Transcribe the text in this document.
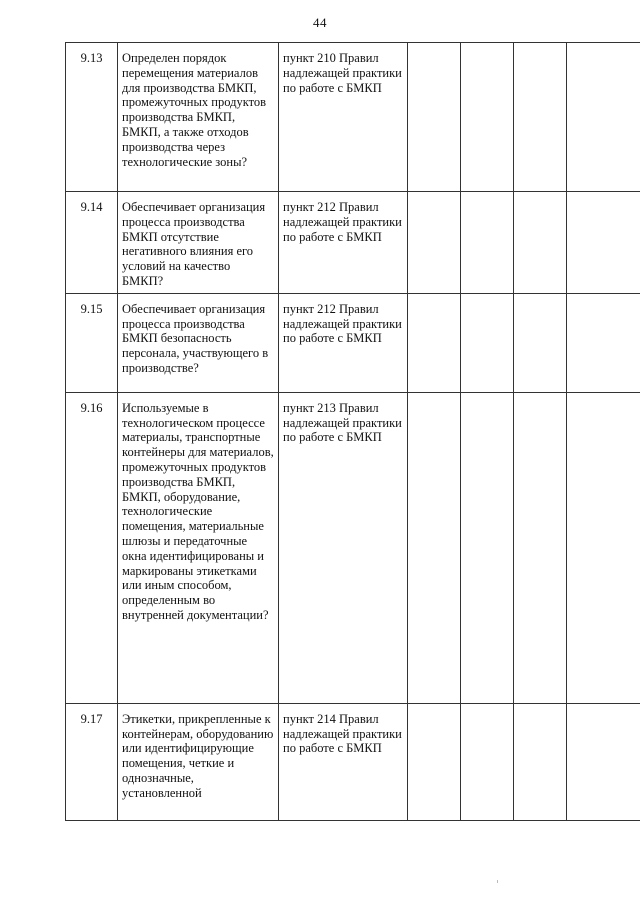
44
9.13	Определен порядок перемещения материалов для производства БМКП, промежуточных продуктов производства БМКП, БМКП, а также отходов производства через технологические зоны?	пункт 210 Правил надлежащей практики по работе с БМКП				
9.14	Обеспечивает организация процесса производства БМКП отсутствие негативного влияния его условий на качество БМКП?	пункт 212 Правил надлежащей практики по работе с БМКП				
9.15	Обеспечивает организация процесса производства БМКП безопасность персонала, участвующего в производстве?	пункт 212 Правил надлежащей практики по работе с БМКП				
9.16	Используемые в технологическом процессе материалы, транспортные контейнеры для материалов, промежуточных продуктов производства БМКП, БМКП, оборудование, технологические помещения, материальные шлюзы и передаточные окна идентифицированы и маркированы этикетками или иным способом, определенным во внутренней документации?	пункт 213 Правил надлежащей практики по работе с БМКП				
9.17	Этикетки, прикрепленные к контейнерам, оборудованию или идентифицирующие помещения, четкие и однозначные, установленной	пункт 214 Правил надлежащей практики по работе с БМКП				
